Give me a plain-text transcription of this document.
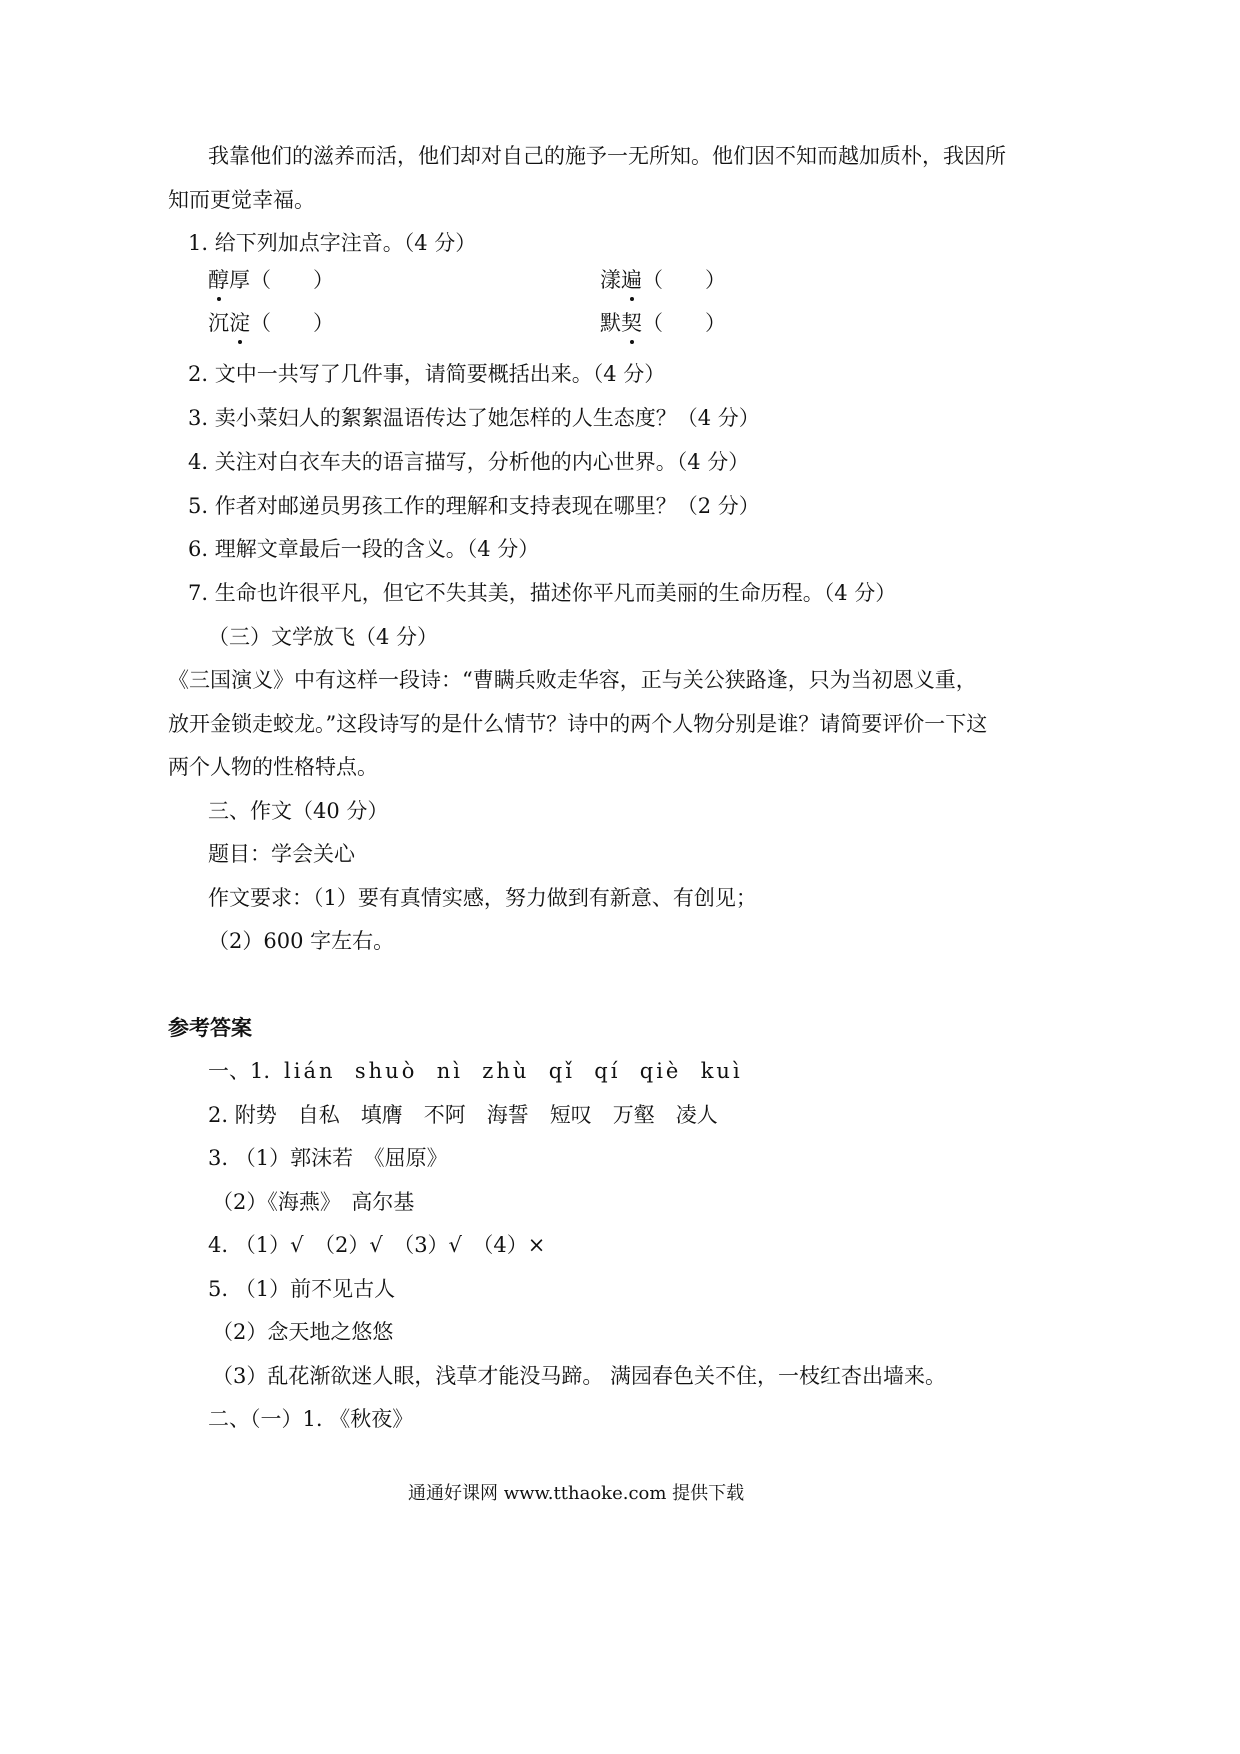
我靠他们的滋养而活，他们却对自己的施予一无所知。他们因不知而越加质朴，我因所
知而更觉幸福。
1. 给下列加点字注音。（4 分）
醇厚（　　）	漾遍（　　）
沉淀（　　）	默契（　　）
2. 文中一共写了几件事，请简要概括出来。（4 分）
3. 卖小菜妇人的絮絮温语传达了她怎样的人生态度？（4 分）
4. 关注对白衣车夫的语言描写，分析他的内心世界。（4 分）
5. 作者对邮递员男孩工作的理解和支持表现在哪里？（2 分）
6. 理解文章最后一段的含义。（4 分）
7. 生命也许很平凡，但它不失其美，描述你平凡而美丽的生命历程。（4 分）
（三）文学放飞（4 分）
《三国演义》中有这样一段诗：“曹瞒兵败走华容，正与关公狭路逢，只为当初恩义重，
放开金锁走蛟龙。”这段诗写的是什么情节？诗中的两个人物分别是谁？请简要评价一下这
两个人物的性格特点。
三、作文（40 分）
题目：学会关心
作文要求：（1）要有真情实感，努力做到有新意、有创见；
（2）600 字左右。
参考答案
一、1. lián  shuò  nì  zhù  qǐ  qí  qiè  kuì
2. 附势　自私　填膺　不阿　海誓　短叹　万壑　凌人
3. （1）郭沫若　《屈原》
（2）《海燕》　高尔基
4. （1）√　（2）√　（3）√　（4）×
5. （1）前不见古人
（2）念天地之悠悠
（3）乱花渐欲迷人眼，浅草才能没马蹄。 满园春色关不住，一枝红杏出墙来。
二、（一）1. 《秋夜》
通通好课网 www.tthaoke.com 提供下载
